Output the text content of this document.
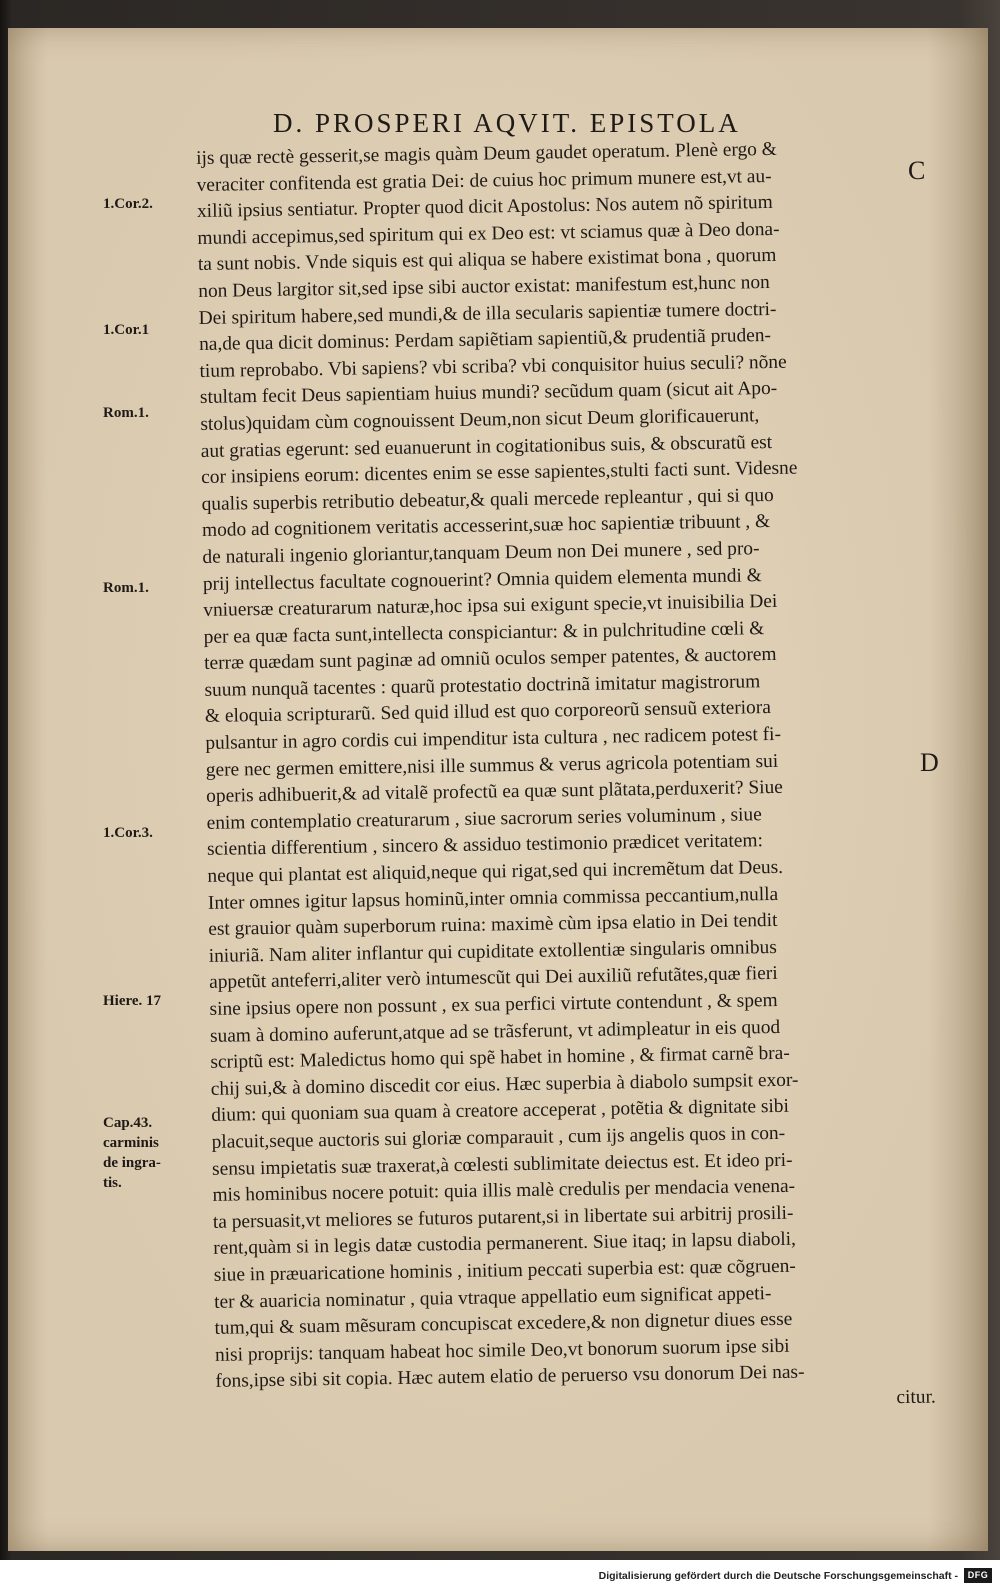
D. PROSPERI AQVIT. EPISTOLA
C
D
ijs quæ rectè gesserit,se magis quàm Deum gaudet operatum. Plenè ergo &
veraciter confitenda est gratia Dei: de cuius hoc primum munere est,vt au-
xiliũ ipsius sentiatur. Propter quod dicit Apostolus: Nos autem nõ spiritum
mundi accepimus,sed spiritum qui ex Deo est: vt sciamus quæ à Deo dona-
ta sunt nobis. Vnde siquis est qui aliqua se habere existimat bona , quorum
non Deus largitor sit,sed ipse sibi auctor existat: manifestum est,hunc non
Dei spiritum habere,sed mundi,& de illa secularis sapientiæ tumere doctri-
na,de qua dicit dominus: Perdam sapiẽtiam sapientiũ,& prudentiã pruden-
tium reprobabo. Vbi sapiens? vbi scriba? vbi conquisitor huius seculi? nõne
stultam fecit Deus sapientiam huius mundi? secũdum quam (sicut ait Apo-
stolus)quidam cùm cognouissent Deum,non sicut Deum glorificauerunt,
aut gratias egerunt: sed euanuerunt in cogitationibus suis, & obscuratũ est
cor insipiens eorum: dicentes enim se esse sapientes,stulti facti sunt. Videsne
qualis superbis retributio debeatur,& quali mercede repleantur , qui si quo
modo ad cognitionem veritatis accesserint,suæ hoc sapientiæ tribuunt , &
de naturali ingenio gloriantur,tanquam Deum non Dei munere , sed pro-
prij intellectus facultate cognouerint? Omnia quidem elementa mundi &
vniuersæ creaturarum naturæ,hoc ipsa sui exigunt specie,vt inuisibilia Dei
per ea quæ facta sunt,intellecta conspiciantur: & in pulchritudine cœli &
terræ quædam sunt paginæ ad omniũ oculos semper patentes, & auctorem
suum nunquã tacentes : quarũ protestatio doctrinã imitatur magistrorum
& eloquia scripturarũ. Sed quid illud est quo corporeorũ sensuũ exteriora
pulsantur in agro cordis cui impenditur ista cultura , nec radicem potest fi-
gere nec germen emittere,nisi ille summus & verus agricola potentiam sui
operis adhibuerit,& ad vitalẽ profectũ ea quæ sunt plãtata,perduxerit? Siue
enim contemplatio creaturarum , siue sacrorum series voluminum , siue
scientia differentium , sincero & assiduo testimonio prædicet veritatem:
neque qui plantat est aliquid,neque qui rigat,sed qui incremẽtum dat Deus.
Inter omnes igitur lapsus hominũ,inter omnia commissa peccantium,nulla
est grauior quàm superborum ruina: maximè cùm ipsa elatio in Dei tendit
iniuriã. Nam aliter inflantur qui cupiditate extollentiæ singularis omnibus
appetũt anteferri,aliter verò intumescũt qui Dei auxiliũ refutãtes,quæ fieri
sine ipsius opere non possunt , ex sua perfici virtute contendunt , & spem
suam à domino auferunt,atque ad se trãsferunt, vt adimpleatur in eis quod
scriptũ est: Maledictus homo qui spẽ habet in homine , & firmat carnẽ bra-
chij sui,& à domino discedit cor eius. Hæc superbia à diabolo sumpsit exor-
dium: qui quoniam sua quam à creatore acceperat , potẽtia & dignitate sibi
placuit,seque auctoris sui gloriæ comparauit , cum ijs angelis quos in con-
sensu impietatis suæ traxerat,à cœlesti sublimitate deiectus est. Et ideo pri-
mis hominibus nocere potuit: quia illis malè credulis per mendacia venena-
ta persuasit,vt meliores se futuros putarent,si in libertate sui arbitrij prosili-
rent,quàm si in legis datæ custodia permanerent. Siue itaq; in lapsu diaboli,
siue in præuaricatione hominis , initium peccati superbia est: quæ cõgruen-
ter & auaricia nominatur , quia vtraque appellatio eum significat appeti-
tum,qui & suam mẽsuram concupiscat excedere,& non dignetur diues esse
nisi proprijs: tanquam habeat hoc simile Deo,vt bonorum suorum ipse sibi
fons,ipse sibi sit copia. Hæc autem elatio de peruerso vsu donorum Dei nas-
citur.
1.Cor.2.
1.Cor.1
Rom.1.
Rom.1.
1.Cor.3.
Hiere. 17
Cap.43.
carminis
de ingra-
tis.
Digitalisierung gefördert durch die Deutsche Forschungsgemeinschaft -	DFG
